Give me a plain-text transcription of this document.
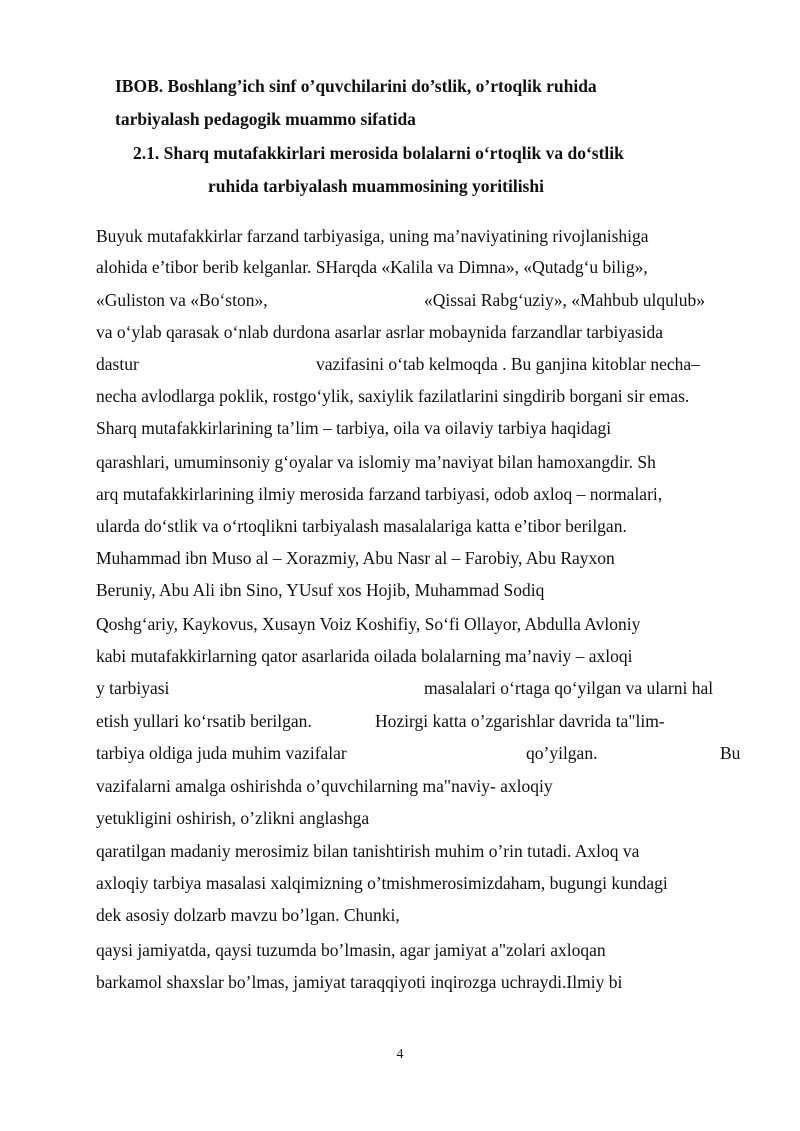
IBOB. Boshlang’ich sinf o’quvchilarini do’stlik, o’rtoqlik ruhida
tarbiyalash pedagogik muammo sifatida
2.1. Sharq mutafakkirlari merosida bolalarni o‘rtoqlik va do‘stlik
ruhida tarbiyalash muammosining yoritilishi
Buyuk mutafakkirlar farzand tarbiyasiga, uning ma’naviyatining rivojlanishiga
alohida e’tibor berib kelganlar. SHarqda «Kalila va Dimna», «Qutadg‘u bilig»,
«Guliston va «Bo‘ston»,	«Qissai Rabg‘uziy», «Mahbub ulqulub»
va o‘ylab qarasak o‘nlab durdona asarlar asrlar mobaynida farzandlar tarbiyasida
dastur	vazifasini o‘tab kelmoqda . Bu ganjina kitoblar necha–
necha avlodlarga poklik, rostgo‘ylik, saxiylik fazilatlarini singdirib borgani sir emas.
Sharq mutafakkirlarining ta’lim – tarbiya, oila va oilaviy tarbiya haqidagi
qarashlari, umuminsoniy g‘oyalar va islomiy ma’naviyat bilan hamoxangdir. Sh
arq mutafakkirlarining ilmiy merosida farzand tarbiyasi, odob axloq – normalari,
ularda do‘stlik va o‘rtoqlikni tarbiyalash masalalariga katta e’tibor berilgan.
Muhammad ibn Muso al – Xorazmiy, Abu Nasr al – Farobiy, Abu Rayxon
Beruniy, Abu Ali ibn Sino, YUsuf xos Hojib, Muhammad Sodiq
Qoshg‘ariy, Kaykovus, Xusayn Voiz Koshifiy, So‘fi Ollayor, Abdulla Avloniy
kabi mutafakkirlarning qator asarlarida oilada bolalarning ma’naviy – axloqi
y tarbiyasi	masalalari o‘rtaga qo‘yilgan va ularni hal
etish yullari ko‘rsatib berilgan.	Hozirgi katta o’zgarishlar davrida ta"lim-
tarbiya oldiga juda muhim vazifalar	qo’yilgan.	Bu
vazifalarni amalga oshirishda o’quvchilarning ma"naviy- axloqiy
yetukligini oshirish, o’zlikni anglashga
qaratilgan madaniy merosimiz bilan tanishtirish muhim o’rin tutadi. Axloq va
axloqiy tarbiya masalasi xalqimizning o’tmishmerosimizdaham, bugungi kundagi
dek asosiy dolzarb mavzu bo’lgan. Chunki,
qaysi jamiyatda, qaysi tuzumda bo’lmasin, agar jamiyat a"zolari axloqan
barkamol shaxslar bo’lmas, jamiyat taraqqiyoti inqirozga uchraydi.Ilmiy bi
4
